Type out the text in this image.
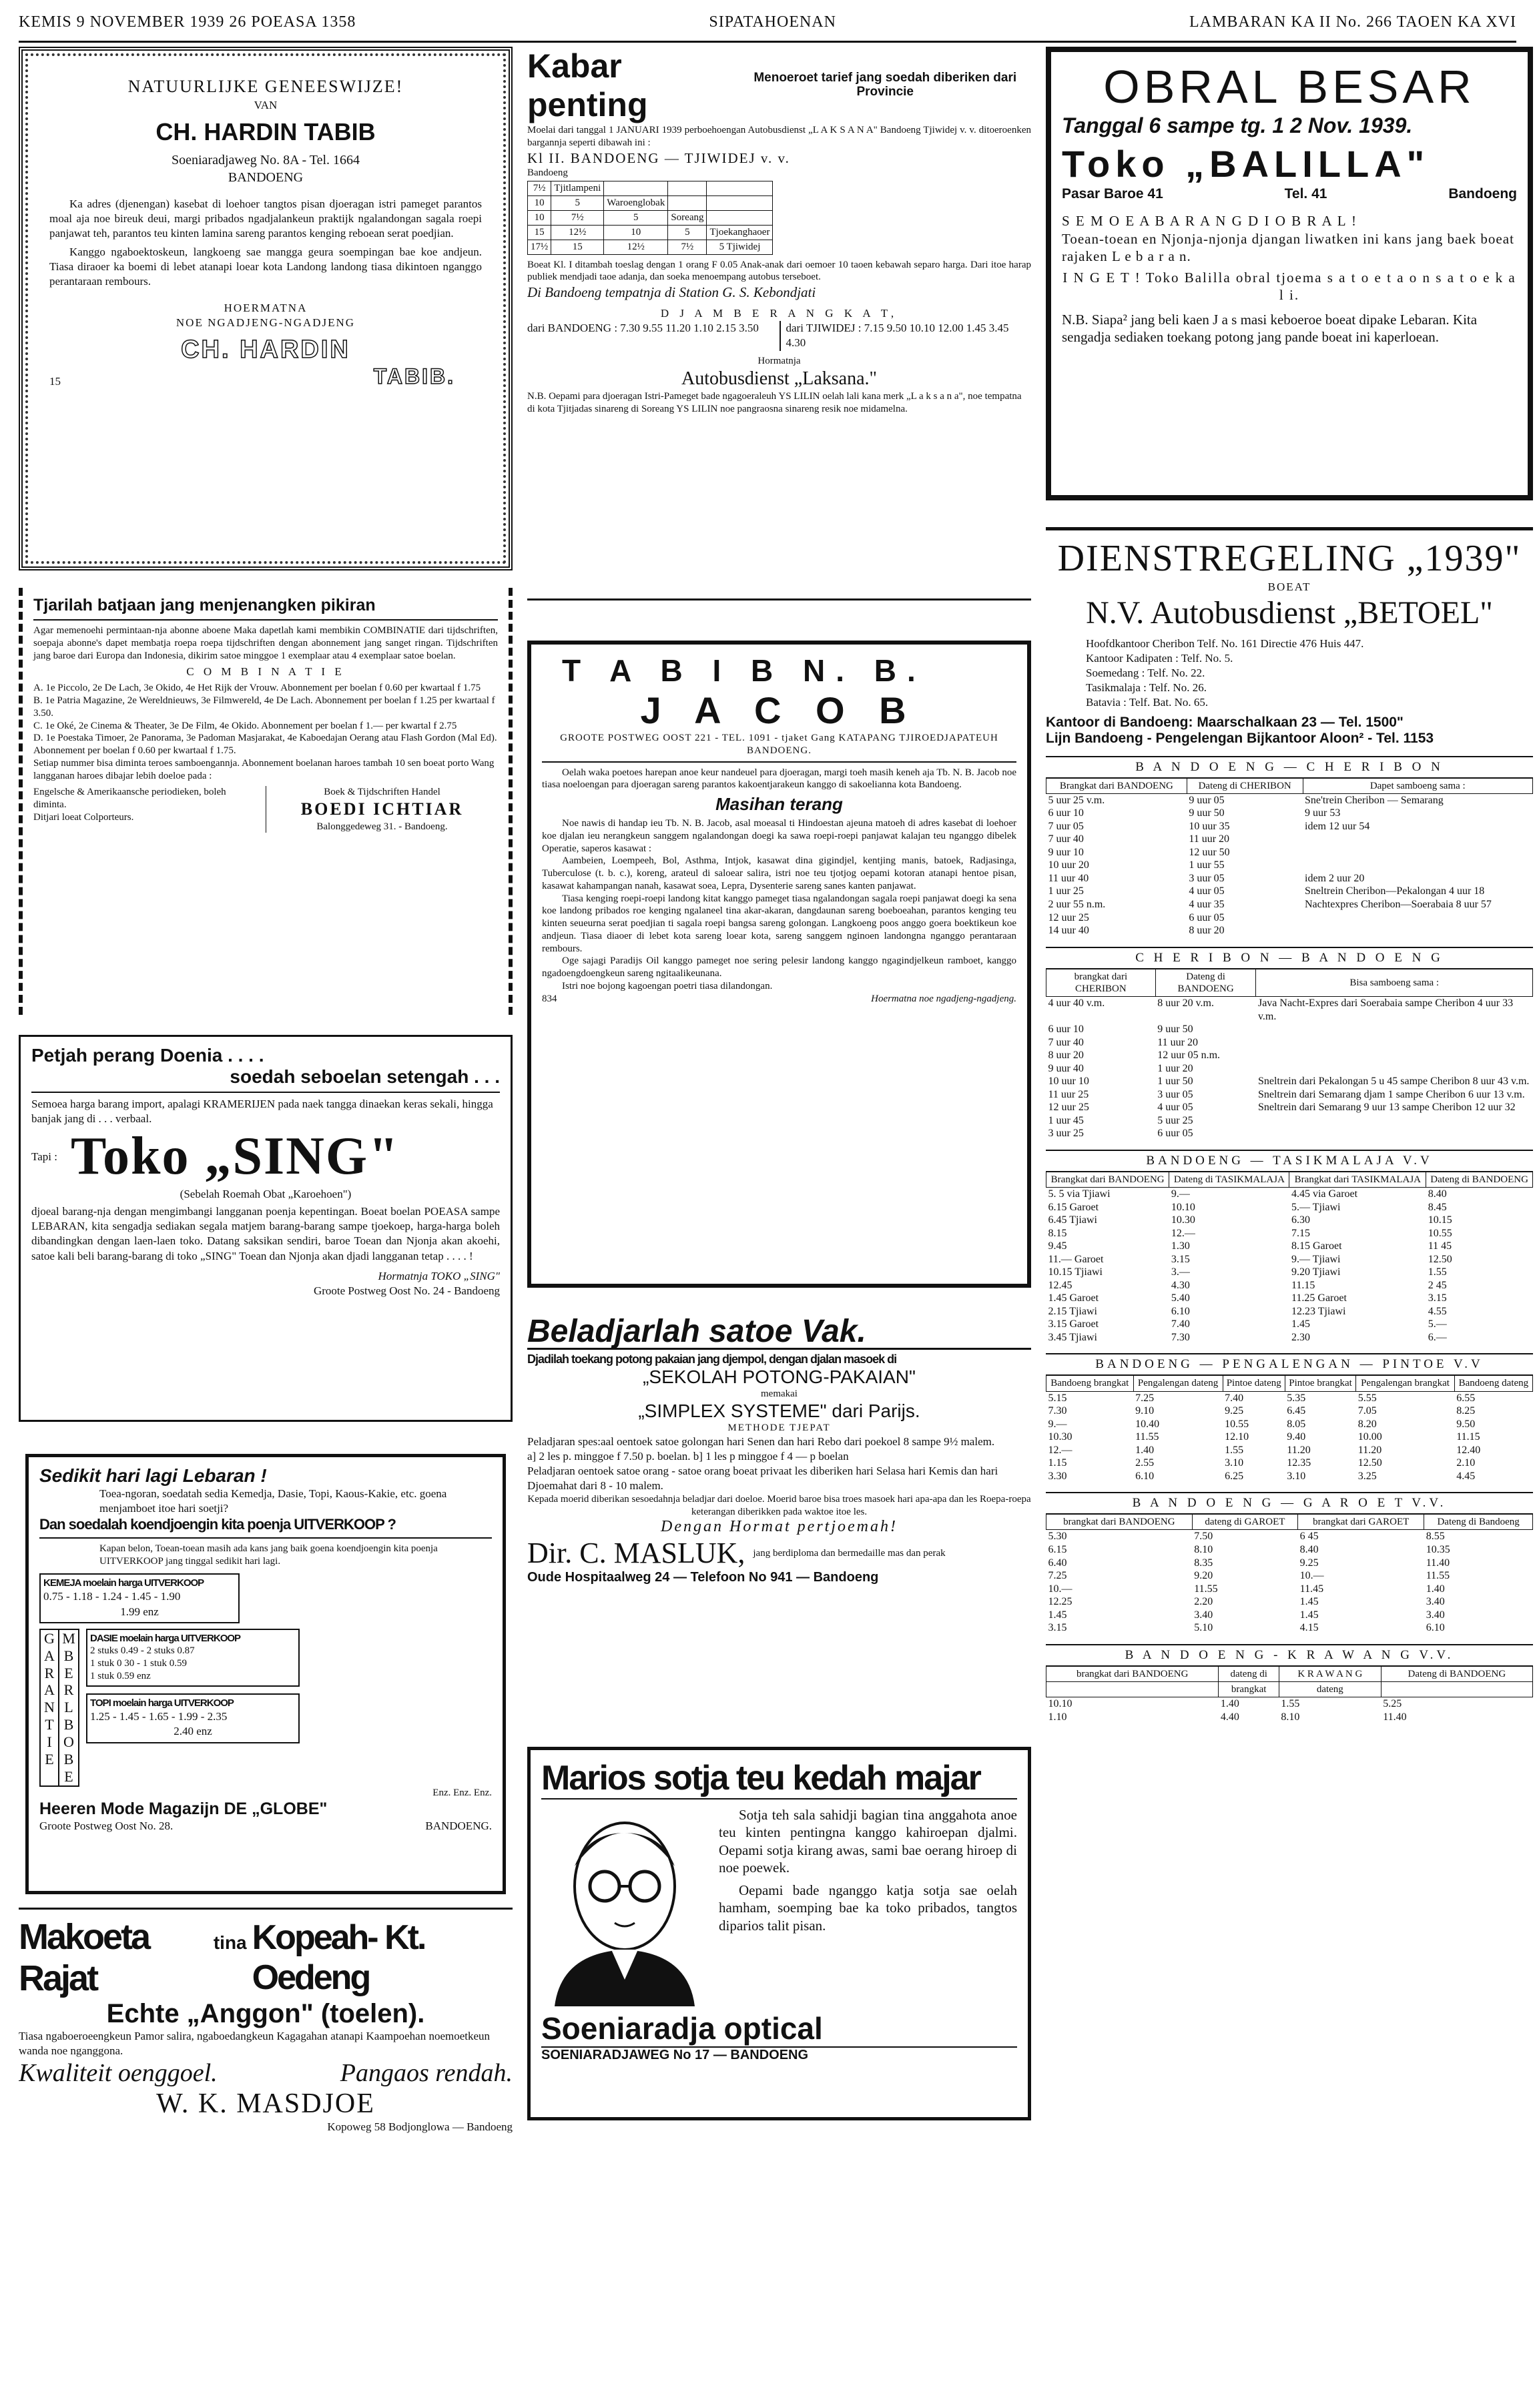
KEMIS 9 NOVEMBER 1939 26 POEASA 1358	SIPATAHOENAN	LAMBARAN KA II No. 266 TAOEN KA XVI
NATUURLIJKE GENEESWIJZE!
VAN
CH. HARDIN TABIB
Soeniaradjaweg No. 8A - Tel. 1664
BANDOENG

Ka adres (djenengan) kasebat di loehoer tangtos pisan djoeragan istri pameget parantos moal aja noe bireuk deui, margi pribados ngadjalankeun praktijk ngalandongan sagala roepi panjawat teh, parantos teu kinten lamina sareng parantos kenging reboean serat poedjian.

Kanggo ngaboektoskeun, langkoeng sae mangga geura soempingan bae koe andjeun. Tiasa diraoer ka boemi di lebet atanapi loear kota Landong landong tiasa dikintoen nganggo perantaraan rembours.

HOERMATNA
NOE NGADJENG-NGADJENG
CH. HARDIN
15	TABIB.
Tjarilah batjaan jang menjenangken pikiran

Agar memenoehi permintaan-nja abonne aboene Maka dapetlah kami membikin COMBINATIE dari tijdschriften, soepaja abonne's dapet membatja roepa roepa tijdschriften dengan abonnement jang sanget ringan. Tijdschriften jang baroe dari Europa dan Indonesia, dikirim satoe minggoe 1 exemplaar atau 4 exemplaar satoe boelan.

C O M B I N A T I E

A. 1e Piccolo, 2e De Lach, 3e Okido, 4e Het Rijk der Vrouw. Abonnement per boelan f 0.60 per kwartaal f 1.75

B. 1e Patria Magazine, 2e Wereldnieuws, 3e Filmwereld, 4e De Lach. Abonnement per boelan f 1.25 per kwartaal f 3.50.

C. 1e Oké, 2e Cinema & Theater, 3e De Film, 4e Okido. Abonnement per boelan f 1.— per kwartal f 2.75

D. 1e Poestaka Timoer, 2e Panorama, 3e Padoman Masjarakat, 4e Kaboedajan Oerang atau Flash Gordon (Mal Ed). Abonnement per boelan f 0.60 per kwartaal f 1.75.

Setiap nummer bisa diminta teroes samboengannja. Abonnement boelanan haroes tambah 10 sen boeat porto Wang langganan haroes dibajar lebih doeloe pada :

Engelsche & Amerikaansche periodieken, boleh diminta.
Ditjari loeat Colporteurs.
Boek & Tijdschriften Handel
BOEDI ICHTIAR
Balonggedeweg 31. - Bandoeng.
Petjah perang Doenia . . . .
soedah seboelan setengah . . .

Semoea harga barang import, apalagi KRAMERIJEN pada naek tangga dinaekan keras sekali, hingga banjak jang di . . . verbaal.

Tapi : Toko „SING"
(Sebelah Roemah Obat „Karoehoen")

djoeal barang-nja dengan mengimbangi langganan poenja kepentingan. Boeat boelan POEASA sampe LEBARAN, kita sengadja sediakan segala matjem barang-barang sampe tjoekoep, harga-harga boleh dibandingkan dengan laen-laen toko. Datang saksikan sendiri, baroe Toean dan Njonja akan akoehi, satoe kali beli barang-barang di toko „SING" Toean dan Njonja akan djadi langganan tetap . . . . !

Hormatnja TOKO „SING"
Groote Postweg Oost No. 24 - Bandoeng
Sedikit hari lagi Lebaran !

Toea-ngoran, soedatah sedia Kemedja, Dasie, Topi, Kaous-Kakie, etc. goena menjamboet itoe hari soetji?

Dan soedalah koendjoengin kita poenja UITVERKOOP ?

Kapan belon, Toean-toean masih ada kans jang baik goena koendjoengin kita poenja UITVERKOOP jang tinggal sedikit hari lagi.

KEMEJA moelain harga UITVERKOOP
0.75 - 1.18 - 1.24 - 1.45 - 1.90
1.99 enz
G
A
R
A
N
T
I
E
M
B
E
R
L
B
O
B
E
DASIE moelain harga UITVERKOOP
2 stuks 0.49 - 2 stuks 0.87
1 stuk 0 30 - 1 stuk 0.59
1 stuk 0.59 enz
TOPI moelain harga UITVERKOOP
1.25 - 1.45 - 1.65 - 1.99 - 2.35
2.40 enz
Enz. Enz. Enz.
Heeren Mode Magazijn DE „GLOBE"
Groote Postweg Oost No. 28.	BANDOENG.
Makoeta Rajat
tina Kopeah- Kt. Oedeng
Echte „Anggon" (toelen).

Tiasa ngaboeroeengkeun Pamor salira, ngaboedangkeun Kagagahan atanapi Kaampoehan noemoetkeun wanda noe nganggona.

Kwaliteit oenggoel.	Pangaos rendah.
W. K. MASDJOE
Kopoweg 58 Bodjonglowa — Bandoeng
Kabar penting
Menoeroet tarief jang soedah diberiken dari Provincie

Moelai dari tanggal 1 JANUARI 1939 perboehoengan Autobusdienst „L A K S A N A" Bandoeng Tjiwidej v. v. ditoeroenken bargannja seperti dibawah ini :

Kl II. BANDOENG — TJIWIDEJ v. v.
Bandoeng
7½	Tjitlampeni			
10	5	Waroenglobak		
10	7½	5	Soreang	
15	12½	10	5	Tjoekanghaoer
17½	15	12½	7½	5 Tjiwidej

Boeat Kl. I ditambah toeslag dengan 1 orang F 0.05 Anak-anak dari oemoer 10 taoen kebawah separo harga. Dari itoe harap publiek mendjadi taoe adanja, dan soeka menoempang autobus terseboet.

Di Bandoeng tempatnja di Station G. S. Kebondjati
D J A M B E R A N G K A T,
dari BANDOENG : 7.30 9.55 11.20 1.10 2.15 3.50	dari TJIWIDEJ : 7.15 9.50 10.10 12.00 1.45 3.45 4.30
Hormatnja
Autobusdienst „Laksana."

N.B. Oepami para djoeragan Istri-Pameget bade ngagoeraleuh YS LILIN oelah lali kana merk „L a k s a n a", noe tempatna di kota Tjitjadas sinareng di Soreang YS LILIN noe pangraosna sinareng resik noe midamelna.

T A B I B N. B.
J A C O B

GROOTE POSTWEG OOST 221 - TEL. 1091 - tjaket Gang KATAPANG TJIROEDJAPATEUH BANDOENG.

Oelah waka poetoes harepan anoe keur nandeuel para djoeragan, margi toeh masih keneh aja Tb. N. B. Jacob noe tiasa noeloengan para djoeragan sareng parantos kakoentjarakeun kanggo di sakoelianna kota Bandoeng.

Masihan terang

Noe nawis di handap ieu Tb. N. B. Jacob, asal moeasal ti Hindoestan ajeuna matoeh di adres kasebat di loehoer koe djalan ieu nerangkeun sanggem ngalandongan doegi ka sawa roepi-roepi panjawat kalajan teu nganggo dibelek Operatie, saperos kasawat :

Aambeien, Loempeeh, Bol, Asthma, Intjok, kasawat dina gigindjel, kentjing manis, batoek, Radjasinga, Tuberculose (t. b. c.), koreng, arateul di saloear salira, istri noe teu tjotjog oepami kotoran atanapi hentoe pisan, kasawat kahampangan nanah, kasawat soea, Lepra, Dysenterie sareng sanes kanten panjawat.

Tiasa kenging roepi-roepi landong kitat kanggo pameget tiasa ngalandongan sagala roepi panjawat doegi ka sena koe landong pribados roe kenging ngalaneel tina akar-akaran, dangdaunan sareng boeboeahan, parantos kenging teu kinten seueurna serat poedjian ti sagala roepi bangsa sareng golongan. Langkoeng poos anggo goera boektikeun koe andjeun. Tiasa diaoer di lebet kota sareng loear kota, sareng sanggem nginoen landongna nganggo perantaraan rembours.

Oge sajagi Paradijs Oil kanggo pameget noe sering pelesir landong kanggo ngagindjelkeun ramboet, kanggo ngadoengdoengkeun sareng ngitaalikeunana.

Istri noe bojong kagoengan poetri tiasa dilandongan.

834	Hoermatna noe ngadjeng-ngadjeng.
Beladjarlah satoe Vak.
Djadilah toekang potong pakaian jang djempol, dengan djalan masoek di
„SEKOLAH POTONG-PAKAIAN"
memakai
„SIMPLEX SYSTEME" dari Parijs.
METHODE TJEPAT

Peladjaran spes:aal oentoek satoe golongan hari Senen dan hari Rebo dari poekoel 8 sampe 9½ malem.

a] 2 les p. minggoe f 7.50 p. boelan. b] 1 les p minggoe f 4 — p boelan

Peladjaran oentoek satoe orang - satoe orang boeat privaat les diberiken hari Selasa hari Kemis dan hari Djoemahat dari 8 - 10 malem.

Kepada moerid diberikan sesoedahnja beladjar dari doeloe. Moerid baroe bisa troes masoek hari apa-apa dan les Roepa-roepa keterangan diberikken pada waktoe itoe les.

Dengan Hormat pertjoemah!
Dir. C. MASLUK, jang berdiploma dan bermedaille mas dan perak
Oude Hospitaalweg 24 — Telefoon No 941 — Bandoeng
Marios sotja teu kedah majar

Sotja teh sala sahidji bagian tina anggahota anoe teu kinten pentingna kanggo kahiroepan djalmi. Oepami sotja kirang awas, sami bae oerang hiroep di noe poewek.

Oepami bade nganggo katja sotja sae oelah hamham, soemping bae ka toko pribados, tangtos diparios talit pisan.

Soeniaradja optical
SOENIARADJAWEG No 17 — BANDOENG
OBRAL BESAR
Tanggal 6 sampe tg. 1 2 Nov. 1939.
Toko „BALILLA"
Pasar Baroe 41	Tel. 41	Bandoeng
S E M O E A B A R A N G D I O B R A L !

Toean-toean en Njonja-njonja djangan liwatken ini kans jang baek boeat rajaken L e b a r a n.

I N G E T ! Toko Balilla obral tjoema s a t o e t a o n s a t o e k a l i.

N.B. Siapa² jang beli kaen J a s masi keboeroe boeat dipake Lebaran. Kita sengadja sediaken toekang potong jang pande boeat ini kaperloean.

DIENSTREGELING „1939"
BOEAT
N.V. Autobusdienst „BETOEL"
Hoofdkantoor Cheribon Telf. No. 161 Directie 476 Huis 447.
Kantoor Kadipaten : Telf. No. 5.
Soemedang : Telf. No. 22.
Tasikmalaja : Telf. No. 26.
Batavia : Telf. Bat. No. 65.
Kantoor di Bandoeng: Maarschalkaan 23 — Tel. 1500"
Lijn Bandoeng - Pengelengan Bijkantoor Aloon² - Tel. 1153
B A N D O E N G — C H E R I B O N
Brangkat dari BANDOENG	Dateng di CHERIBON	Dapet samboeng sama :
5 uur 25 v.m.	9 uur 05	Sne'trein Cheribon — Semarang
6 uur 10	9 uur 50	9 uur 53
7 uur 05	10 uur 35	idem 12 uur 54
7 uur 40	11 uur 20	
9 uur 10	12 uur 50	
10 uur 20	1 uur 55	
11 uur 40	3 uur 05	idem 2 uur 20
1 uur 25	4 uur 05	Sneltrein Cheribon—Pekalongan 4 uur 18
2 uur 55 n.m.	4 uur 35	Nachtexpres Cheribon—Soerabaia 8 uur 57
12 uur 25	6 uur 05	
14 uur 40	8 uur 20	
C H E R I B O N — B A N D O E N G
brangkat dari CHERIBON	Dateng di BANDOENG	Bisa samboeng sama :
4 uur 40 v.m.	8 uur 20 v.m.	Java Nacht-Expres dari Soerabaia sampe Cheribon 4 uur 33 v.m.
6 uur 10	9 uur 50	
7 uur 40	11 uur 20	
8 uur 20	12 uur 05 n.m.	
9 uur 40	1 uur 20	
10 uur 10	1 uur 50	Sneltrein dari Pekalongan 5 u 45 sampe Cheribon 8 uur 43 v.m.
11 uur 25	3 uur 05	Sneltrein dari Semarang djam 1 sampe Cheribon 6 uur 13 v.m.
12 uur 25	4 uur 05	Sneltrein dari Semarang 9 uur 13 sampe Cheribon 12 uur 32
1 uur 45	5 uur 25	
3 uur 25	6 uur 05	
BANDOENG — TASIKMALAJA V.V
Brangkat dari BANDOENG	Dateng di TASIKMALAJA	Brangkat dari TASIKMALAJA	Dateng di BANDOENG
5. 5 via Tjiawi	9.—	4.45 via Garoet	8.40
6.15 Garoet	10.10	5.— Tjiawi	8.45
6.45 Tjiawi	10.30	6.30	10.15
8.15	12.—	7.15	10.55
9.45	1.30	8.15 Garoet	11 45
11.— Garoet	3.15	9.— Tjiawi	12.50
10.15 Tjiawi	3.—	9.20 Tjiawi	1.55
12.45	4.30	11.15	2 45
1.45 Garoet	5.40	11.25 Garoet	3.15
2.15 Tjiawi	6.10	12.23 Tjiawi	4.55
3.15 Garoet	7.40	1.45	5.—
3.45 Tjiawi	7.30	2.30	6.—
BANDOENG — PENGALENGAN — PINTOE V.V
Bandoeng brangkat	Pengalengan dateng	Pintoe dateng	Pintoe brangkat	Pengalengan brangkat	Bandoeng dateng
5.15	7.25	7.40	5.35	5.55	6.55
7.30	9.10	9.25	6.45	7.05	8.25
9.—	10.40	10.55	8.05	8.20	9.50
10.30	11.55	12.10	9.40	10.00	11.15
12.—	1.40	1.55	11.20	11.20	12.40
1.15	2.55	3.10	12.35	12.50	2.10
3.30	6.10	6.25	3.10	3.25	4.45
B A N D O E N G — G A R O E T V.V.
brangkat dari BANDOENG	dateng di GAROET	brangkat dari GAROET	Dateng di Bandoeng
5.30	7.50	6 45	8.55
6.15	8.10	8.40	10.35
6.40	8.35	9.25	11.40
7.25	9.20	10.—	11.55
10.—	11.55	11.45	1.40
12.25	2.20	1.45	3.40
1.45	3.40	1.45	3.40
3.15	5.10	4.15	6.10
B A N D O E N G - K R A W A N G V.V.
brangkat dari BANDOENG	dateng di	K R A W A N G	Dateng di BANDOENG
	brangkat	dateng	
10.10	1.40	1.55	5.25
1.10	4.40	8.10	11.40
